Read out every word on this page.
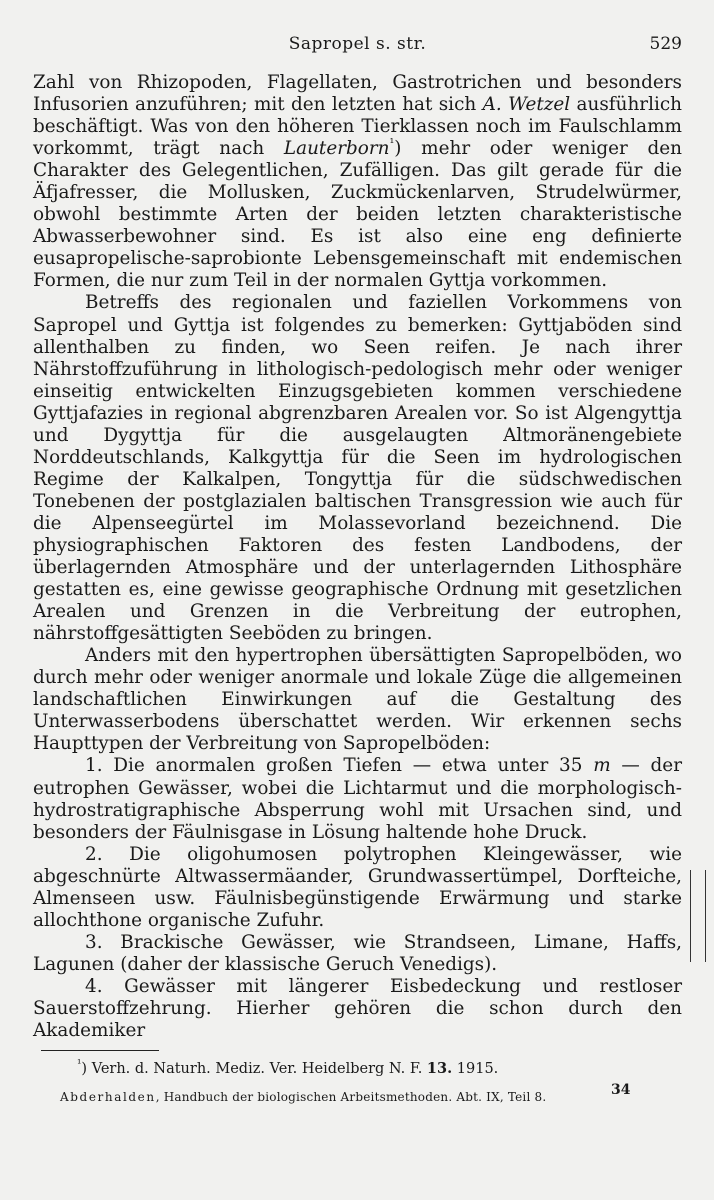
Sapropel s. str.	529

Zahl von Rhizopoden, Flagellaten, Gastrotrichen und besonders Infusorien anzuführen; mit den letzten hat sich A. Wetzel ausführlich beschäftigt. Was von den höheren Tierklassen noch im Faulschlamm vorkommt, trägt nach Lauterborn$^{^1}$) mehr oder weniger den Charakter des Gelegentlichen, Zufälligen. Das gilt gerade für die Äfjafresser, die Mollusken, Zuckmückenlarven, Strudelwürmer, obwohl bestimmte Arten der beiden letzten charakteristische Abwasserbewohner sind. Es ist also eine eng definierte eusapropelische-saprobionte Lebensgemeinschaft mit endemischen Formen, die nur zum Teil in der normalen Gyttja vorkommen.

Betreffs des regionalen und faziellen Vorkommens von Sapropel und Gyttja ist folgendes zu bemerken: Gyttjaböden sind allenthalben zu finden, wo Seen reifen. Je nach ihrer Nährstoffzuführung in lithologisch-pedologisch mehr oder weniger einseitig entwickelten Einzugsgebieten kommen verschiedene Gyttjafazies in regional abgrenzbaren Arealen vor. So ist Algengyttja und Dygyttja für die ausgelaugten Altmoränengebiete Norddeutschlands, Kalkgyttja für die Seen im hydrologischen Regime der Kalkalpen, Tongyttja für die südschwedischen Tonebenen der postglazialen baltischen Transgression wie auch für die Alpenseegürtel im Molassevorland bezeichnend. Die physiographischen Faktoren des festen Landbodens, der überlagernden Atmosphäre und der unterlagernden Lithosphäre gestatten es, eine gewisse geographische Ordnung mit gesetzlichen Arealen und Grenzen in die Verbreitung der eutrophen, nährstoffgesättigten Seeböden zu bringen.

Anders mit den hypertrophen übersättigten Sapropelböden, wo durch mehr oder weniger anormale und lokale Züge die allgemeinen landschaftlichen Einwirkungen auf die Gestaltung des Unterwasserbodens überschattet werden. Wir erkennen sechs Haupttypen der Verbreitung von Sapropelböden:

1. Die anormalen großen Tiefen — etwa unter 35 m — der eutrophen Gewässer, wobei die Lichtarmut und die morphologisch-hydrostratigraphische Absperrung wohl mit Ursachen sind, und besonders der Fäulnisgase in Lösung haltende hohe Druck.

2. Die oligohumosen polytrophen Kleingewässer, wie abgeschnürte Altwassermäander, Grundwassertümpel, Dorfteiche, Almenseen usw. Fäulnisbegünstigende Erwärmung und starke allochthone organische Zufuhr.

3. Brackische Gewässer, wie Strandseen, Limane, Haffs, Lagunen (daher der klassische Geruch Venedigs).

4. Gewässer mit längerer Eisbedeckung und restloser Sauerstoffzehrung. Hierher gehören die schon durch den Akademiker

$^{^1}$) Verh. d. Naturh. Mediz. Ver. Heidelberg N. F. 13. 1915.
Abderhalden, Handbuch der biologischen Arbeitsmethoden. Abt. IX, Teil 8.	34
